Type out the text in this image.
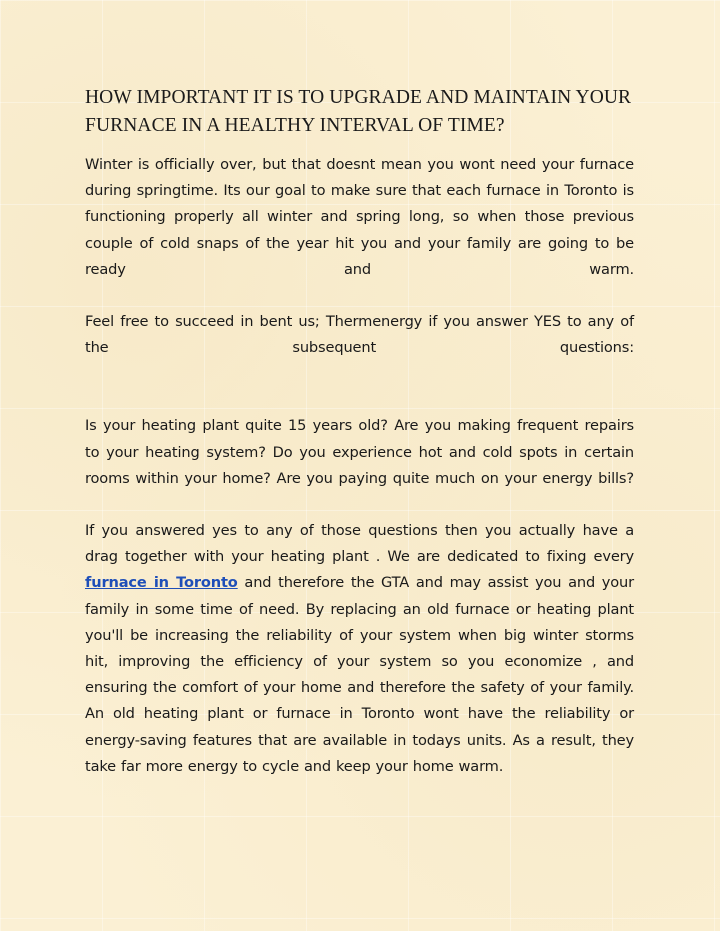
HOW IMPORTANT IT IS TO UPGRADE AND MAINTAIN YOUR FURNACE IN A HEALTHY INTERVAL OF TIME?

Winter is officially over, but that doesnt mean you wont need your furnace during springtime. Its our goal to make sure that each furnace in Toronto is functioning properly all winter and spring long, so when those previous couple of cold snaps of the year hit you and your family are going to be ready and warm.

Feel free to succeed in bent us; Thermenergy if you answer YES to any of the subsequent questions:

Is your heating plant quite 15 years old? Are you making frequent repairs to your heating system? Do you experience hot and cold spots in certain rooms within your home? Are you paying quite much on your energy bills?

If you answered yes to any of those questions then you actually have a drag together with your heating plant . We are dedicated to fixing every furnace in Toronto and therefore the GTA and may assist you and your family in some time of need. By replacing an old furnace or heating plant you'll be increasing the reliability of your system when big winter storms hit, improving the efficiency of your system so you economize , and ensuring the comfort of your home and therefore the safety of your family. An old heating plant or furnace in Toronto wont have the reliability or energy-saving features that are available in todays units. As a result, they take far more energy to cycle and keep your home warm.
